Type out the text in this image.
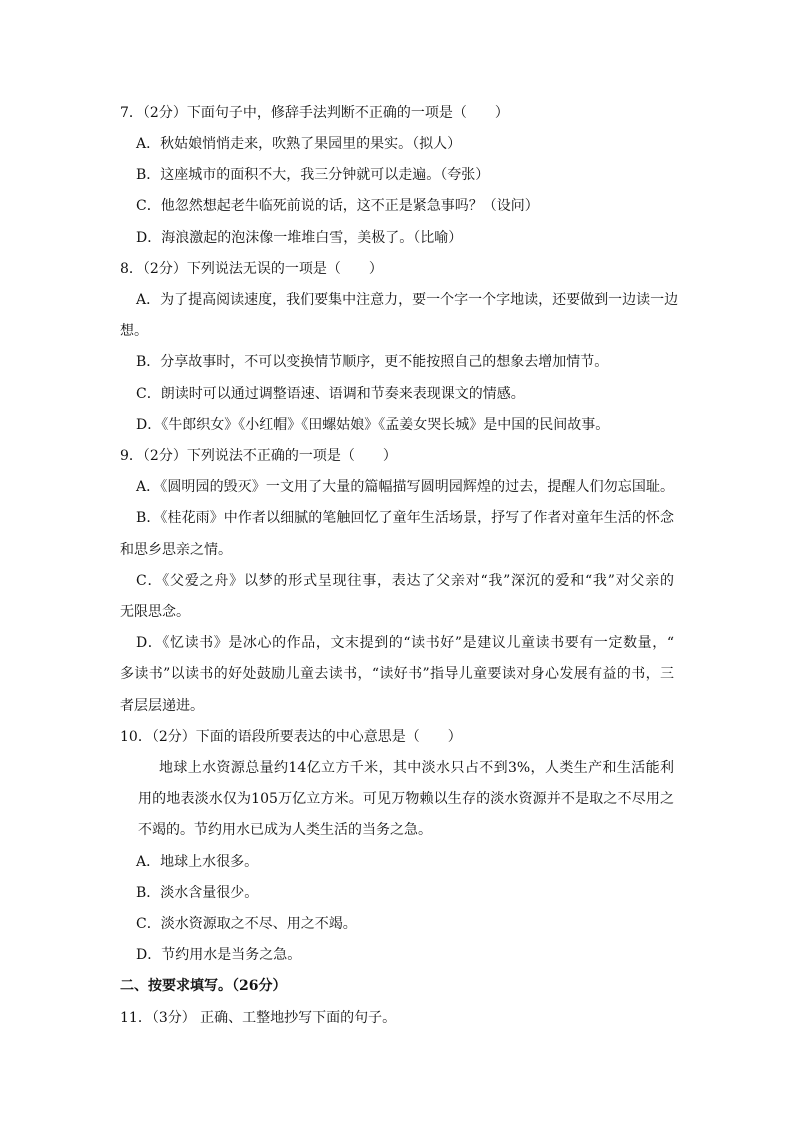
7．（2分）下面句子中，修辞手法判断不正确的一项是（　　）
A．秋姑娘悄悄走来，吹熟了果园里的果实。（拟人）
B．这座城市的面积不大，我三分钟就可以走遍。（夸张）
C．他忽然想起老牛临死前说的话，这不正是紧急事吗？（设问）
D．海浪激起的泡沫像一堆堆白雪，美极了。（比喻）
8．（2分）下列说法无误的一项是（　　）
A．为了提高阅读速度，我们要集中注意力，要一个字一个字地读，还要做到一边读一边
想。
B．分享故事时，不可以变换情节顺序，更不能按照自己的想象去增加情节。
C．朗读时可以通过调整语速、语调和节奏来表现课文的情感。
D．《牛郎织女》《小红帽》《田螺姑娘》《孟姜女哭长城》是中国的民间故事。
9．（2分）下列说法不正确的一项是（　　）
A．《圆明园的毁灭》一文用了大量的篇幅描写圆明园辉煌的过去，提醒人们勿忘国耻。
B．《桂花雨》中作者以细腻的笔触回忆了童年生活场景，抒写了作者对童年生活的怀念
和思乡思亲之情。
C．《父爱之舟》以梦的形式呈现往事，表达了父亲对“我”深沉的爱和“我”对父亲的
无限思念。
D．《忆读书》是冰心的作品，文末提到的“读书好”是建议儿童读书要有一定数量，“
多读书”以读书的好处鼓励儿童去读书，“读好书”指导儿童要读对身心发展有益的书，三
者层层递进。
10．（2分）下面的语段所要表达的中心意思是（　　）
地球上水资源总量约14亿立方千米，其中淡水只占不到3%，人类生产和生活能利
用的地表淡水仅为105万亿立方米。可见万物赖以生存的淡水资源并不是取之不尽用之
不竭的。节约用水已成为人类生活的当务之急。
A．地球上水很多。
B．淡水含量很少。
C．淡水资源取之不尽、用之不竭。
D．节约用水是当务之急。
二、按要求填写。（26分）
11．（3分） 正确、工整地抄写下面的句子。
